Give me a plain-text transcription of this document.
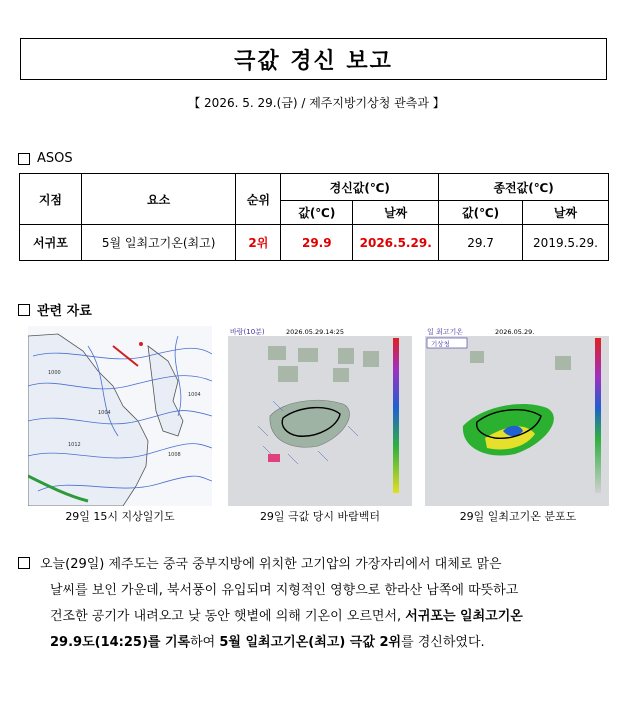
극값 경신 보고
【 2026. 5. 29.(금) / 제주지방기상청 관측과 】
ASOS
지점	요소	순위	경신값(℃)		종전값(℃)	
			값(℃)	날짜	값(℃)	날짜
서귀포	5월 일최고기온(최고)	2위	29.9	2026.5.29.	29.7	2019.5.29.
관련 자료
1000
1004
1008
1012
1004
바람(10분)	2026.05.29.14:25	일 최고기온	2026.05.29.
기상청
29일 15시 지상일기도	29일 극값 당시 바람벡터	29일 일최고기온 분포도

오늘(29일) 제주도는 중국 중부지방에 위치한 고기압의 가장자리에서 대체로 맑은

날씨를 보인 가운데, 북서풍이 유입되며 지형적인 영향으로 한라산 남쪽에 따뜻하고

건조한 공기가 내려오고 낮 동안 햇볕에 의해 기온이 오르면서, 서귀포는 일최고기온

29.9도(14:25)를 기록하여 5월 일최고기온(최고) 극값 2위를 경신하였다.
